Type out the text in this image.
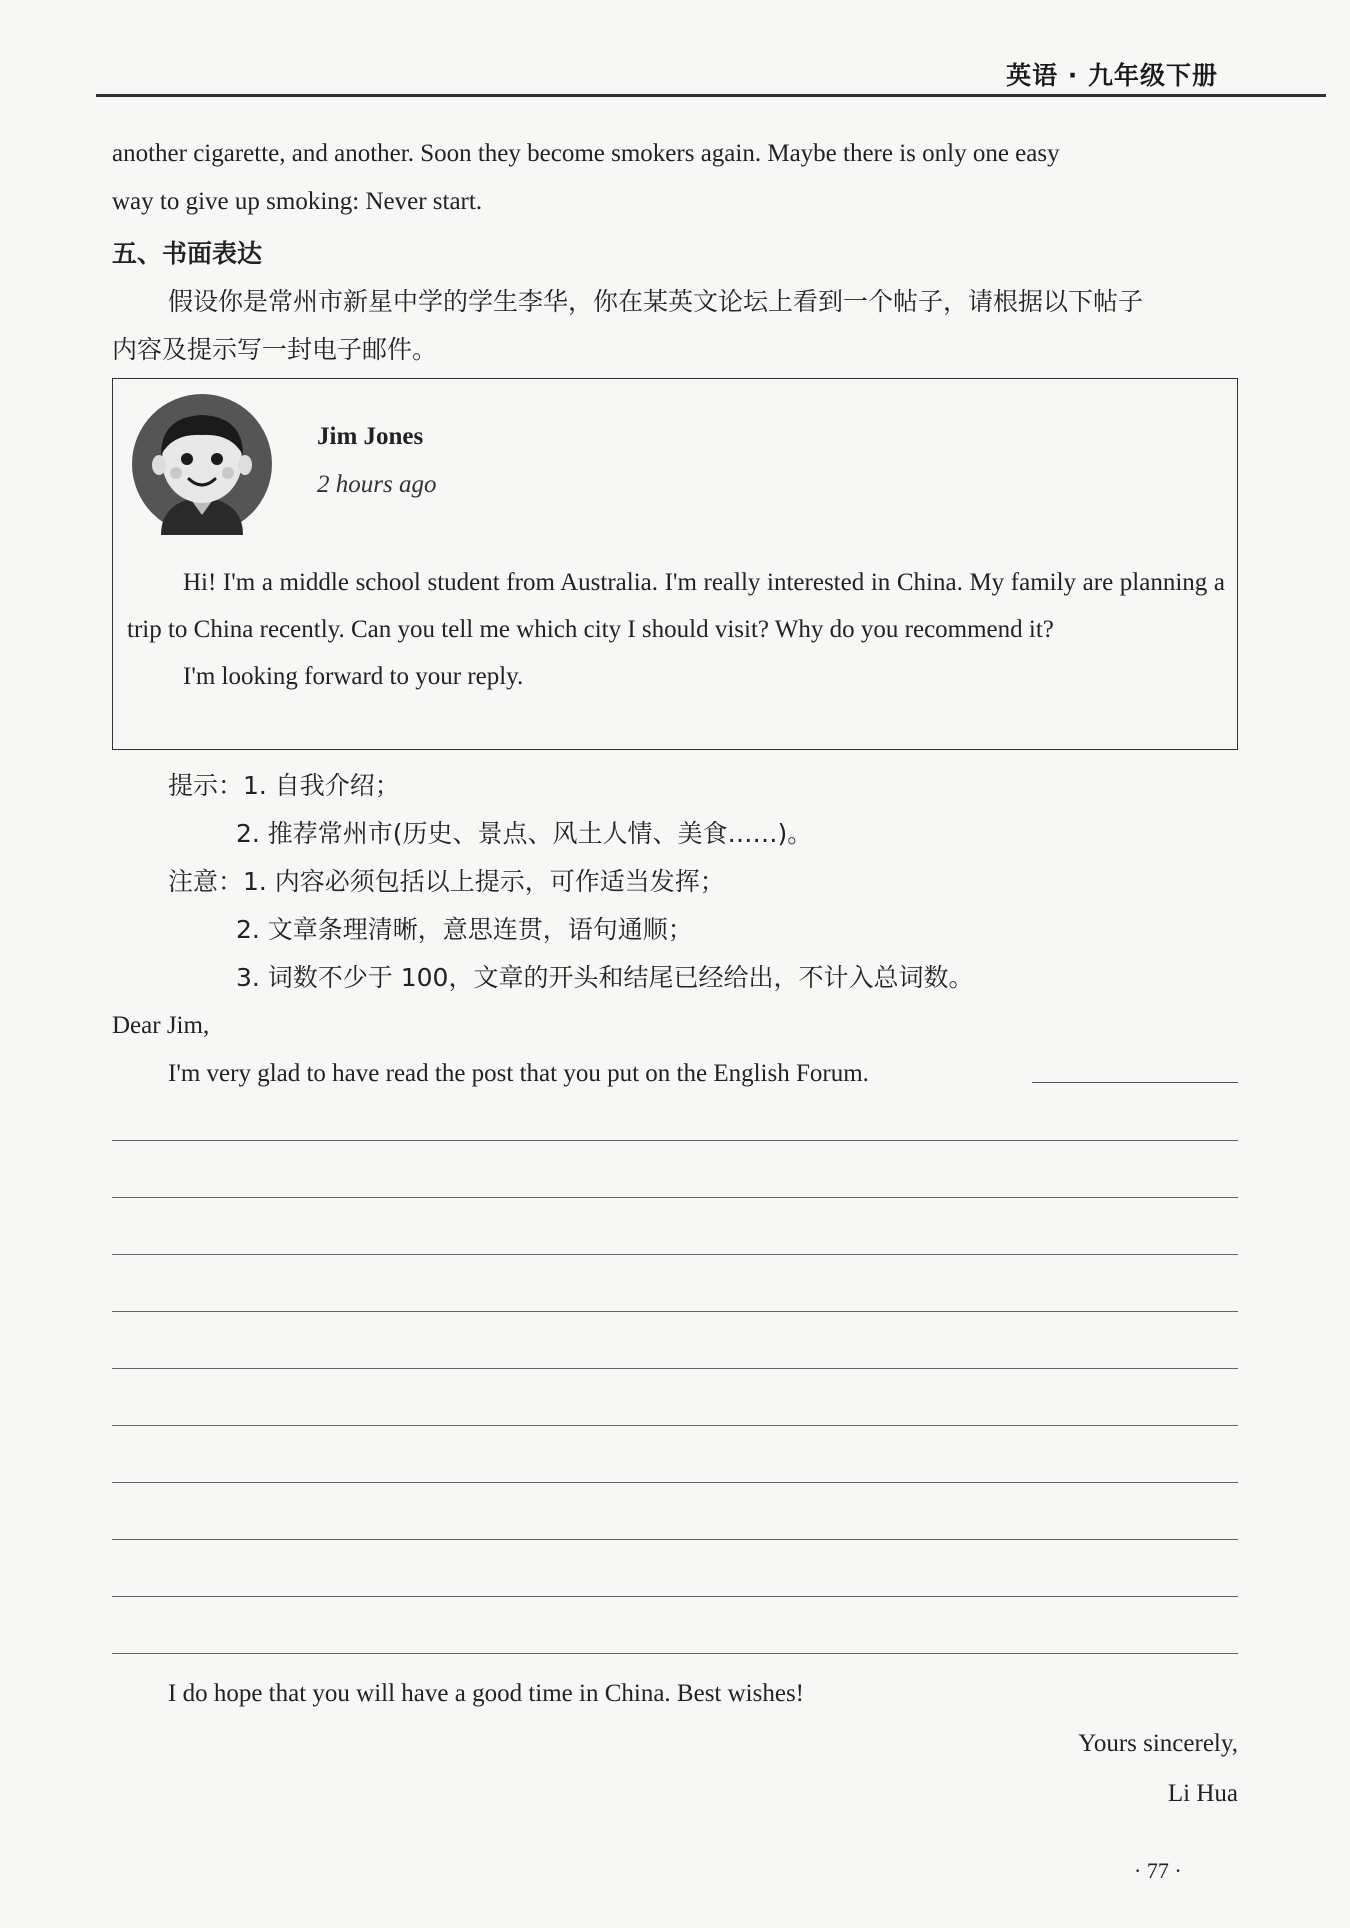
英语 · 九年级下册
another cigarette, and another. Soon they become smokers again. Maybe there is only one easy
way to give up smoking: Never start.
五、书面表达
假设你是常州市新星中学的学生李华，你在某英文论坛上看到一个帖子，请根据以下帖子
内容及提示写一封电子邮件。
Jim Jones
2 hours ago

Hi! I'm a middle school student from Australia. I'm really interested in China. My family are planning a trip to China recently. Can you tell me which city I should visit? Why do you recommend it?

I'm looking forward to your reply.

提示：1. 自我介绍；
2. 推荐常州市(历史、景点、风土人情、美食……)。
注意：1. 内容必须包括以上提示，可作适当发挥；
2. 文章条理清晰，意思连贯，语句通顺；
3. 词数不少于 100，文章的开头和结尾已经给出，不计入总词数。
Dear Jim,
I'm very glad to have read the post that you put on the English Forum.
I do hope that you will have a good time in China. Best wishes!
Yours sincerely,
Li Hua
· 77 ·
